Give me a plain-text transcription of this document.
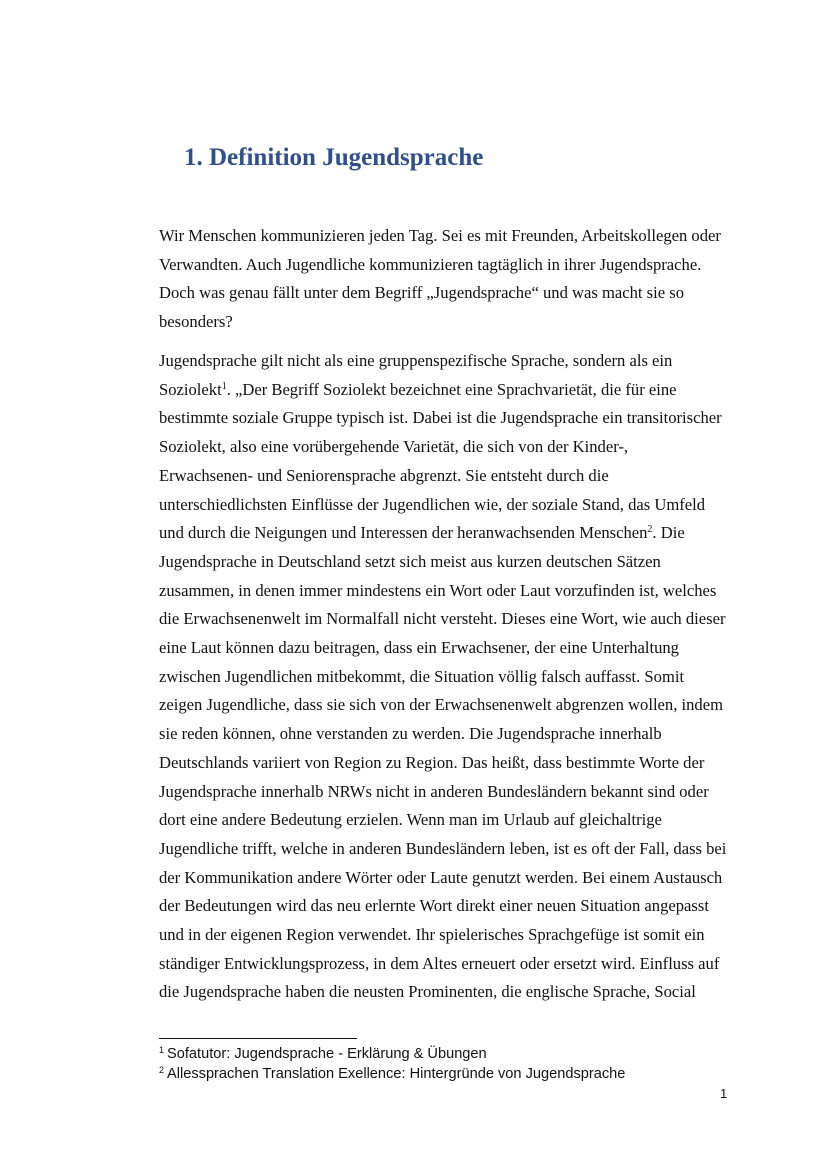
1. Definition Jugendsprache
Wir Menschen kommunizieren jeden Tag. Sei es mit Freunden, Arbeitskollegen oder
Verwandten. Auch Jugendliche kommunizieren tagtäglich in ihrer Jugendsprache.
Doch was genau fällt unter dem Begriff „Jugendsprache“ und was macht sie so
besonders?
Jugendsprache gilt nicht als eine gruppenspezifische Sprache, sondern als ein
Soziolekt$^1$. „Der Begriff Soziolekt bezeichnet eine Sprachvarietät, die für eine
bestimmte soziale Gruppe typisch ist. Dabei ist die Jugendsprache ein transitorischer
Soziolekt, also eine vorübergehende Varietät, die sich von der Kinder-,
Erwachsenen- und Seniorensprache abgrenzt. Sie entsteht durch die
unterschiedlichsten Einflüsse der Jugendlichen wie, der soziale Stand, das Umfeld
und durch die Neigungen und Interessen der heranwachsenden Menschen$^2$. Die
Jugendsprache in Deutschland setzt sich meist aus kurzen deutschen Sätzen
zusammen, in denen immer mindestens ein Wort oder Laut vorzufinden ist, welches
die Erwachsenenwelt im Normalfall nicht versteht. Dieses eine Wort, wie auch dieser
eine Laut können dazu beitragen, dass ein Erwachsener, der eine Unterhaltung
zwischen Jugendlichen mitbekommt, die Situation völlig falsch auffasst. Somit
zeigen Jugendliche, dass sie sich von der Erwachsenenwelt abgrenzen wollen, indem
sie reden können, ohne verstanden zu werden. Die Jugendsprache innerhalb
Deutschlands variiert von Region zu Region. Das heißt, dass bestimmte Worte der
Jugendsprache innerhalb NRWs nicht in anderen Bundesländern bekannt sind oder
dort eine andere Bedeutung erzielen. Wenn man im Urlaub auf gleichaltrige
Jugendliche trifft, welche in anderen Bundesländern leben, ist es oft der Fall, dass bei
der Kommunikation andere Wörter oder Laute genutzt werden. Bei einem Austausch
der Bedeutungen wird das neu erlernte Wort direkt einer neuen Situation angepasst
und in der eigenen Region verwendet. Ihr spielerisches Sprachgefüge ist somit ein
ständiger Entwicklungsprozess, in dem Altes erneuert oder ersetzt wird. Einfluss auf
die Jugendsprache haben die neusten Prominenten, die englische Sprache, Social
$^1$ Sofatutor: Jugendsprache - Erklärung & Übungen
$^2$ Allessprachen Translation Exellence: Hintergründe von Jugendsprache
1
